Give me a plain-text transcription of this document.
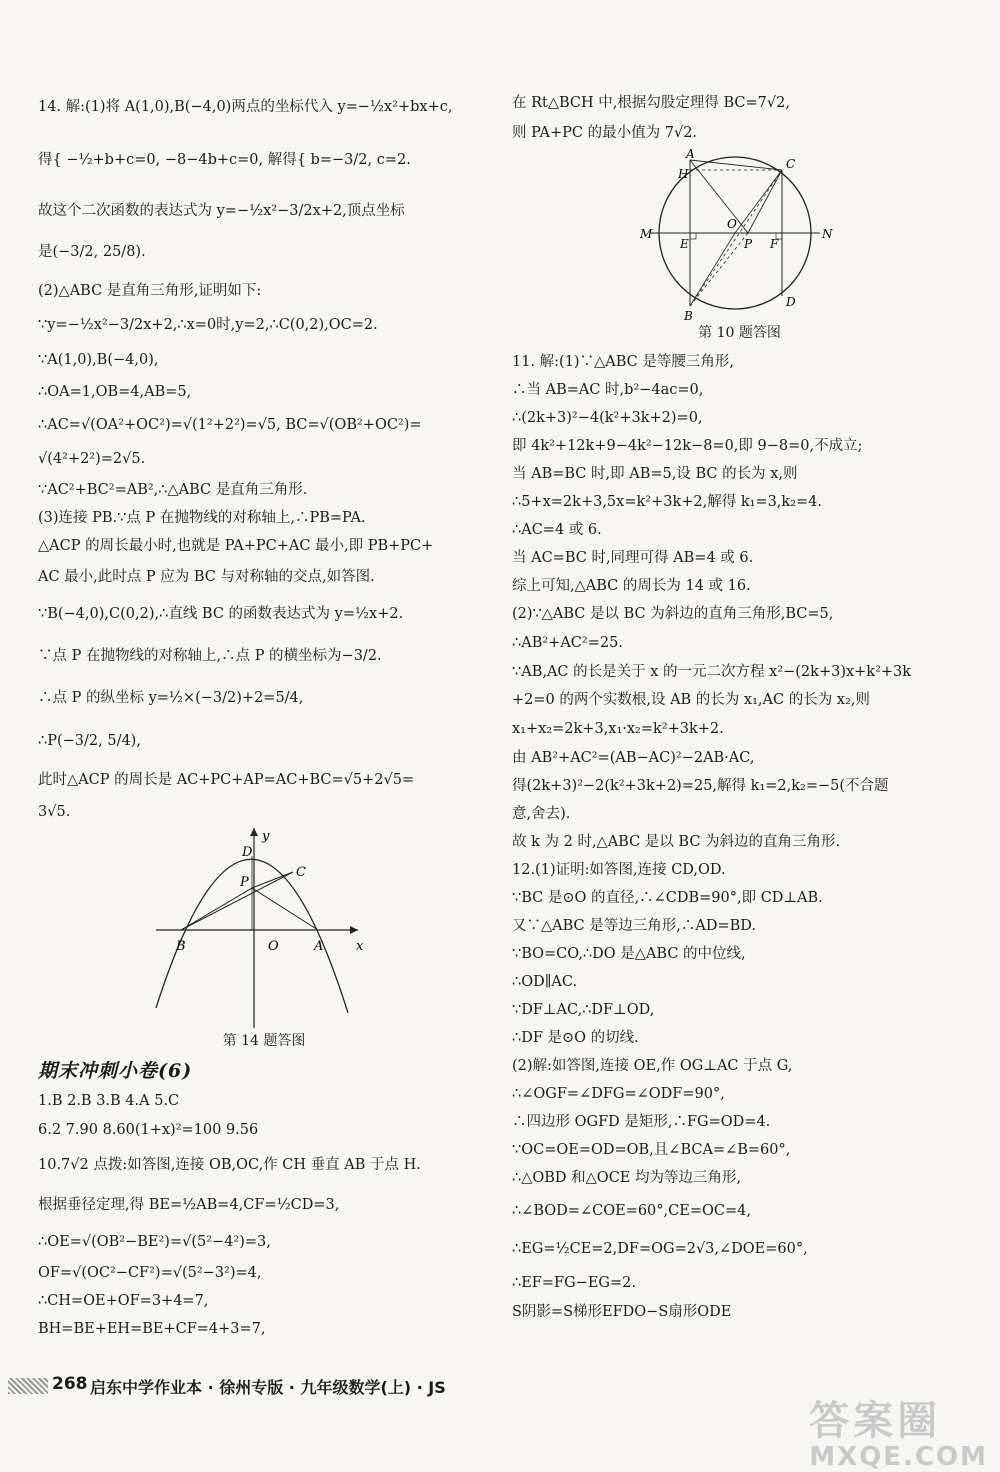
14. 解:(1)将 A(1,0),B(−4,0)两点的坐标代入 y=−½x²+bx+c,

得{ −½+b+c=0, −8−4b+c=0, 解得{ b=−3/2, c=2.

故这个二次函数的表达式为 y=−½x²−3/2x+2,顶点坐标

是(−3/2, 25/8).

(2)△ABC 是直角三角形,证明如下:

∵y=−½x²−3/2x+2,∴x=0时,y=2,∴C(0,2),OC=2.

∵A(1,0),B(−4,0),

∴OA=1,OB=4,AB=5,

∴AC=√(OA²+OC²)=√(1²+2²)=√5, BC=√(OB²+OC²)=

√(4²+2²)=2√5.

∵AC²+BC²=AB²,∴△ABC 是直角三角形.

(3)连接 PB.∵点 P 在抛物线的对称轴上,∴PB=PA.

△ACP 的周长最小时,也就是 PA+PC+AC 最小,即 PB+PC+

AC 最小,此时点 P 应为 BC 与对称轴的交点,如答图.

∵B(−4,0),C(0,2),∴直线 BC 的函数表达式为 y=½x+2.

∵点 P 在抛物线的对称轴上,∴点 P 的横坐标为−3/2.

∴点 P 的纵坐标 y=½×(−3/2)+2=5/4,

∴P(−3/2, 5/4),

此时△ACP 的周长是 AC+PC+AP=AC+BC=√5+2√5=

3√5.

D
y
C
P
B	O	A	x
第 14 题答图
期末冲刺小卷(6)

1.B 2.B 3.B 4.A 5.C

6.2 7.90 8.60(1+x)²=100 9.56

10.7√2 点拨:如答图,连接 OB,OC,作 CH 垂直 AB 于点 H.

根据垂径定理,得 BE=½AB=4,CF=½CD=3,

∴OE=√(OB²−BE²)=√(5²−4²)=3,

OF=√(OC²−CF²)=√(5²−3²)=4,

∴CH=OE+OF=3+4=7,

BH=BE+EH=BE+CF=4+3=7,

在 Rt△BCH 中,根据勾股定理得 BC=7√2,

则 PA+PC 的最小值为 7√2.

A
H
C
M
E
O
P F
N
B
D
第 10 题答图

11. 解:(1)∵△ABC 是等腰三角形,

∴当 AB=AC 时,b²−4ac=0,

∴(2k+3)²−4(k²+3k+2)=0,

即 4k²+12k+9−4k²−12k−8=0,即 9−8=0,不成立;

当 AB=BC 时,即 AB=5,设 BC 的长为 x,则

∴5+x=2k+3,5x=k²+3k+2,解得 k₁=3,k₂=4.

∴AC=4 或 6.

当 AC=BC 时,同理可得 AB=4 或 6.

综上可知,△ABC 的周长为 14 或 16.

(2)∵△ABC 是以 BC 为斜边的直角三角形,BC=5,

∴AB²+AC²=25.

∵AB,AC 的长是关于 x 的一元二次方程 x²−(2k+3)x+k²+3k

+2=0 的两个实数根,设 AB 的长为 x₁,AC 的长为 x₂,则

x₁+x₂=2k+3,x₁·x₂=k²+3k+2.

由 AB²+AC²=(AB−AC)²−2AB·AC,

得(2k+3)²−2(k²+3k+2)=25,解得 k₁=2,k₂=−5(不合题

意,舍去).

故 k 为 2 时,△ABC 是以 BC 为斜边的直角三角形.

12.(1)证明:如答图,连接 CD,OD.

∵BC 是⊙O 的直径,∴∠CDB=90°,即 CD⊥AB.

又∵△ABC 是等边三角形,∴AD=BD.

∵BO=CO,∴DO 是△ABC 的中位线,

∴OD∥AC.

∵DF⊥AC,∴DF⊥OD,

∴DF 是⊙O 的切线.

(2)解:如答图,连接 OE,作 OG⊥AC 于点 G,

∴∠OGF=∠DFG=∠ODF=90°,

∴四边形 OGFD 是矩形,∴FG=OD=4.

∵OC=OE=OD=OB,且∠BCA=∠B=60°,

∴△OBD 和△OCE 均为等边三角形,

∴∠BOD=∠COE=60°,CE=OC=4,

∴EG=½CE=2,DF=OG=2√3,∠DOE=60°,

∴EF=FG−EG=2.

S阴影=S梯形EFDO−S扇形ODE

268 启东中学作业本 · 徐州专版 · 九年级数学(上) · JS
答案圈
MXQE.COM
